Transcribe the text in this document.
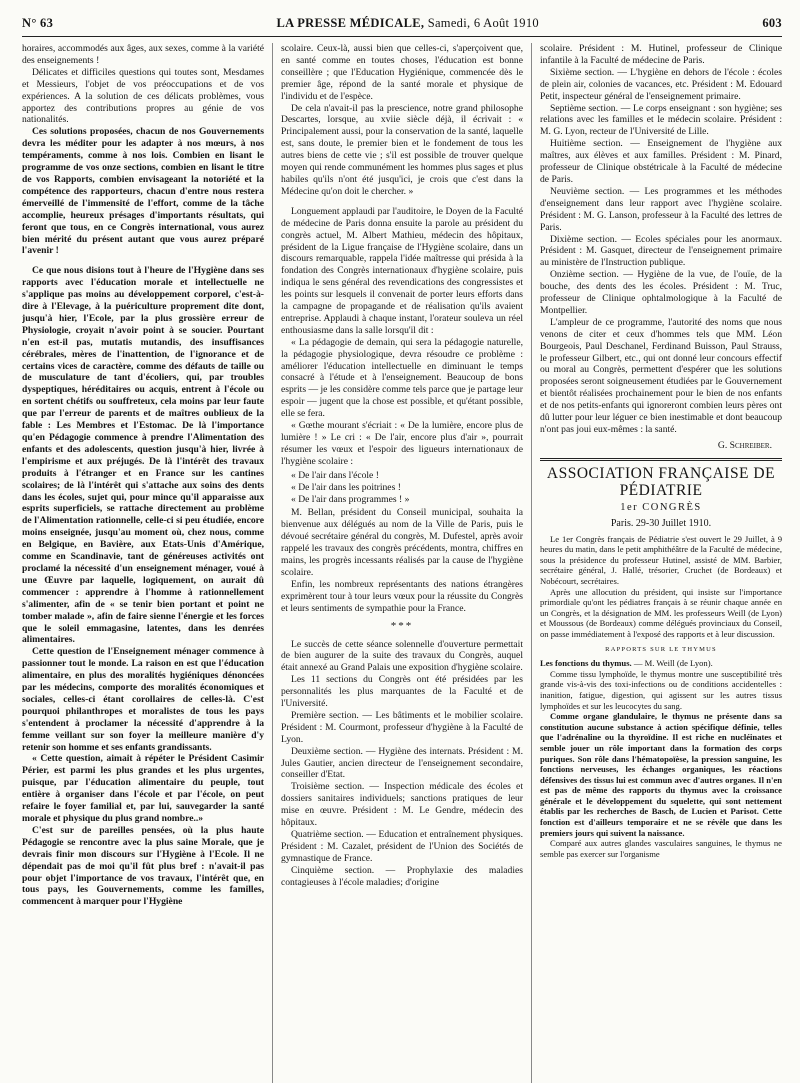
N° 63	LA PRESSE MÉDICALE, Samedi, 6 Août 1910	603

horaires, accommodés aux âges, aux sexes, comme à la variété des enseignements !

Délicates et difficiles questions qui toutes sont, Mesdames et Messieurs, l'objet de vos préoccupations et de vos expériences. A la solution de ces délicats problèmes, vous apportez des contributions propres au génie de vos nationalités.

Ces solutions proposées, chacun de nos Gouvernements devra les méditer pour les adapter à nos mœurs, à nos tempéraments, comme à nos lois. Combien en lisant le programme de vos onze sections, combien en lisant le titre de vos Rapports, combien envisageant la notoriété et la compétence des rapporteurs, chacun d'entre nous restera émerveillé de l'immensité de l'effort, comme de la tâche accomplie, heureux présages d'importants résultats, qui feront que tous, en ce Congrès international, vous aurez bien mérité du présent autant que vous aurez préparé l'avenir !

Ce que nous disions tout à l'heure de l'Hygiène dans ses rapports avec l'éducation morale et intellectuelle ne s'applique pas moins au développement corporel, c'est-à-dire à l'Elevage, à la puériculture proprement dite dont, jusqu'à hier, l'Ecole, par la plus grossière erreur de Physiologie, croyait n'avoir point à se soucier. Pourtant n'en est-il pas, mutatis mutandis, des insuffisances cérébrales, mères de l'inattention, de l'ignorance et de certains vices de caractère, comme des défauts de taille ou de musculature de tant d'écoliers, qui, par troubles dyspeptiques, héréditaires ou acquis, entrent à l'école ou en sortent chétifs ou souffreteux, cela moins par leur faute que par l'erreur de parents et de maîtres oublieux de la fable : Les Membres et l'Estomac. De là l'importance qu'en Pédagogie commence à prendre l'Alimentation des enfants et des adolescents, question jusqu'à hier, livrée à l'empirisme et aux préjugés. De là l'intérêt des travaux produits à l'étranger et en France sur les cantines scolaires; de là l'intérêt qui s'attache aux soins des dents dans les écoles, sujet qui, pour mince qu'il apparaisse aux esprits superficiels, se rattache directement au problème de l'Alimentation rationnelle, celle-ci si peu étudiée, encore moins enseignée, jusqu'au moment où, chez nous, comme en Belgique, en Bavière, aux Etats-Unis d'Amérique, comme en Scandinavie, tant de généreuses activités ont proclamé la nécessité d'un enseignement ménager, voué à une Œuvre par laquelle, logiquement, on aurait dû commencer : apprendre à l'homme à rationnellement s'alimenter, afin de « se tenir bien portant et point ne tomber malade », afin de faire sienne l'énergie et les forces que le soleil emmagasine, latentes, dans les denrées alimentaires.

Cette question de l'Enseignement ménager commence à passionner tout le monde. La raison en est que l'éducation alimentaire, en plus des moralités hygiéniques dénoncées par les médecins, comporte des moralités économiques et sociales, celles-ci étant corollaires de celles-là. C'est pourquoi philanthropes et moralistes de tous les pays s'entendent à proclamer la nécessité d'apprendre à la femme veillant sur son foyer la meilleure manière d'y retenir son homme et ses enfants grandissants.

« Cette question, aimait à répéter le Président Casimir Périer, est parmi les plus grandes et les plus urgentes, puisque, par l'éducation alimentaire du peuple, tout entière à organiser dans l'école et par l'école, on peut refaire le foyer familial et, par lui, sauvegarder la santé morale et physique du plus grand nombre..»

C'est sur de pareilles pensées, où la plus haute Pédagogie se rencontre avec la plus saine Morale, que je devrais finir mon discours sur l'Hygiène à l'Ecole. Il ne dépendait pas de moi qu'il fût plus bref : n'avait-il pas pour objet l'importance de vos travaux, l'intérêt que, en tous pays, les Gouvernements, comme les familles, commencent à marquer pour l'Hygiène

scolaire. Ceux-là, aussi bien que celles-ci, s'aperçoivent que, en santé comme en toutes choses, l'éducation est bonne conseillère ; que l'Education Hygiénique, commencée dès le premier âge, répond de la santé morale et physique de l'individu et de l'espèce.

De cela n'avait-il pas la prescience, notre grand philosophe Descartes, lorsque, au xviie siècle déjà, il écrivait : « Principalement aussi, pour la conservation de la santé, laquelle est, sans doute, le premier bien et le fondement de tous les autres biens de cette vie ; s'il est possible de trouver quelque moyen qui rende communément les hommes plus sages et plus habiles qu'ils n'ont été jusqu'ici, je crois que c'est dans la Médecine qu'on doit le chercher. »

Longuement applaudi par l'auditoire, le Doyen de la Faculté de médecine de Paris donna ensuite la parole au président du congrès actuel, M. Albert Mathieu, médecin des hôpitaux, président de la Ligue française de l'Hygiène scolaire, dans un discours remarquable, rappela l'idée maîtresse qui présida à la fondation des Congrès internationaux d'hygiène scolaire, puis indiqua le sens général des revendications des congressistes et les points sur lesquels il convenait de porter leurs efforts dans la campagne de propagande et de réalisation qu'ils avaient entreprise. Applaudi à chaque instant, l'orateur souleva un réel enthousiasme dans la salle lorsqu'il dit :

« La pédagogie de demain, qui sera la pédagogie naturelle, la pédagogie physiologique, devra résoudre ce problème : améliorer l'éducation intellectuelle en diminuant le temps consacré à l'étude et à l'enseignement. Beaucoup de bons esprits — je les considère comme tels parce que je partage leur espoir — jugent que la chose est possible, et qu'étant possible, elle se fera.

« Gœthe mourant s'écriait : « De la lumière, encore plus de lumière ! » Le cri : « De l'air, encore plus d'air », pourrait résumer les vœux et l'espoir des ligueurs internationaux de l'hygiène scolaire :

« De l'air dans l'école !
« De l'air dans les poitrines !
« De l'air dans programmes ! »

M. Bellan, président du Conseil municipal, souhaita la bienvenue aux délégués au nom de la Ville de Paris, puis le dévoué secrétaire général du congrès, M. Dufestel, après avoir rappelé les travaux des congrès précédents, montra, chiffres en mains, les progrès incessants réalisés par la cause de l'hygiène scolaire.

Enfin, les nombreux représentants des nations étrangères exprimèrent tour à tour leurs vœux pour la réussite du Congrès et leurs sentiments de sympathie pour la France.

***

Le succès de cette séance solennelle d'ouverture permettait de bien augurer de la suite des travaux du Congrès, auquel était annexé au Grand Palais une exposition d'hygiène scolaire.

Les 11 sections du Congrès ont été présidées par les personnalités les plus marquantes de la Faculté et de l'Université.

Première section. — Les bâtiments et le mobilier scolaire. Président : M. Courmont, professeur d'hygiène à la Faculté de Lyon.

Deuxième section. — Hygiène des internats. Président : M. Jules Gautier, ancien directeur de l'enseignement secondaire, conseiller d'Etat.

Troisième section. — Inspection médicale des écoles et dossiers sanitaires individuels; sanctions pratiques de leur mise en œuvre. Président : M. Le Gendre, médecin des hôpitaux.

Quatrième section. — Education et entraînement physiques. Président : M. Cazalet, président de l'Union des Sociétés de gymnastique de France.

Cinquième section. — Prophylaxie des maladies contagieuses à l'école maladies; d'origine

scolaire. Président : M. Hutinel, professeur de Clinique infantile à la Faculté de médecine de Paris.

Sixième section. — L'hygiène en dehors de l'école : écoles de plein air, colonies de vacances, etc. Président : M. Edouard Petit, inspecteur général de l'enseignement primaire.

Septième section. — Le corps enseignant : son hygiène; ses relations avec les familles et le médecin scolaire. Président : M. G. Lyon, recteur de l'Université de Lille.

Huitième section. — Enseignement de l'hygiène aux maîtres, aux élèves et aux familles. Président : M. Pinard, professeur de Clinique obstétricale à la Faculté de médecine de Paris.

Neuvième section. — Les programmes et les méthodes d'enseignement dans leur rapport avec l'hygiène scolaire. Président : M. G. Lanson, professeur à la Faculté des lettres de Paris.

Dixième section. — Ecoles spéciales pour les anormaux. Président : M. Gasquet, directeur de l'enseignement primaire au ministère de l'Instruction publique.

Onzième section. — Hygiène de la vue, de l'ouïe, de la bouche, des dents des les écoles. Président : M. Truc, professeur de Clinique ophtalmologique à la Faculté de Montpellier.

L'ampleur de ce programme, l'autorité des noms que nous venons de citer et ceux d'hommes tels que MM. Léon Bourgeois, Paul Deschanel, Ferdinand Buisson, Paul Strauss, le professeur Gilbert, etc., qui ont donné leur concours effectif ou moral au Congrès, permettent d'espérer que les solutions proposées seront soigneusement étudiées par le Gouvernement et bientôt réalisées prochainement pour le bien de nos enfants et de nos petits-enfants qui ignoreront combien leurs pères ont dû lutter pour leur léguer ce bien inestimable et dont beaucoup n'ont pas joui eux-mêmes : la santé.

G. Schreiber.
ASSOCIATION FRANÇAISE DE PÉDIATRIE
1er CONGRÈS
Paris. 29-30 Juillet 1910.

Le 1er Congrès français de Pédiatrie s'est ouvert le 29 Juillet, à 9 heures du matin, dans le petit amphithéâtre de la Faculté de médecine, sous la présidence du professeur Hutinel, assisté de MM. Barbier, secrétaire général, J. Hallé, trésorier, Cruchet (de Bordeaux) et Nobécourt, secrétaires.

Après une allocution du président, qui insiste sur l'importance primordiale qu'ont les pédiatres français à se réunir chaque année en un Congrès, et la désignation de MM. les professeurs Weill (de Lyon) et Moussous (de Bordeaux) comme délégués provinciaux du Conseil, on passe immédiatement à l'exposé des rapports et à leur discussion.

RAPPORTS SUR LE THYMUS

Les fonctions du thymus. — M. Weill (de Lyon).

Comme tissu lymphoïde, le thymus montre une susceptibilité très grande vis-à-vis des toxi-infections ou de conditions accidentelles : inanition, fatigue, digestion, qui agissent sur les autres tissus lymphoïdes et sur les leucocytes du sang.

Comme organe glandulaire, le thymus ne présente dans sa constitution aucune substance à action spécifique définie, telles que l'adrénaline ou la thyroïdine. Il est riche en nucléinates et semble jouer un rôle important dans la formation des corps puriques. Son rôle dans l'hématopoïèse, la pression sanguine, les fonctions nerveuses, les échanges organiques, les réactions défensives des tissus lui est commun avec d'autres organes. Il n'en est pas de même des rapports du thymus avec la croissance générale et le développement du squelette, qui sont nettement établis par les recherches de Basch, de Lucien et Parisot. Cette fonction est d'ailleurs temporaire et ne se révèle que dans les premiers jours qui suivent la naissance.

Comparé aux autres glandes vasculaires sanguines, le thymus ne semble pas exercer sur l'organisme
